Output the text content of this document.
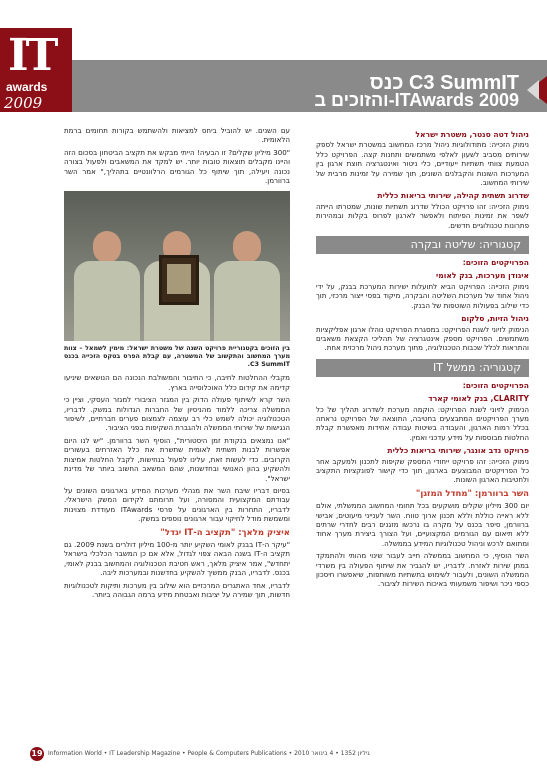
IT
awards
2009
כנס C3 SummIT
והזוכים ב-ITAwards 2009
ניהול דטה סנטר, משטרת ישראל

נימוק הזכייה: מתודולוגיות ניהול מרכז המחשוב במשטרת ישראל לספק שירותים מסביב לשעון לאלפי משתמשים ותחנות קצה. הפרויקט כלל הטמעת צוותי תשתיות ייעודיים, כלי ניטור ואינטגרציה חוצת ארגון בין המערכות השונות והקבלנים השונים, תוך שמירה על זמינות מרבית של שירותי המחשוב.

שדרוג תשתית קהילה, שירותי בריאות כללית

נימוק הזכייה: זהו פרויקט הכולל שדרוג תשתיות שונות, שמטרתו הייתה לשפר את זמינות הפיתוח ולאפשר לארגון לפרוס בקלות ובמהירות פתרונות טכנולוגיים חדשים.

קטגוריה: שליטה ובקרה
הפרויקטים הזוכים:
איגודן מערכות, בנק לאומי

נימוק הזכייה: הפרויקט הביא לתועלות ישירות המערכת בבנק, על ידי ניהול אחוד של מערכות השליטה והבקרה, מיקוד בפסי ייצור מרכזי, תוך כדי שילוב בפעולות השוטפות של הבנק.

ניהול הזיות, סלקום

הנימוק לזיוני לשנת הפרויקט: במסגרת הפרויקט נוהלו ארגון אפליקציות משתמשים. הפרויקט מספק אינטגרציה של תהליכי הקצאת משאבים והתראות לכלל שכבות הטכנולוגיה, מתוך מערכת ניהול מרכזית אחת.

קטגוריה: ממשל IT
הפרויקטים הזוכים:
CLARITY, בנק לאומי קארד

הנימוק לזיוני לשנת הפרויקט: הוקמה מערכת לשדרוג תהליך של כל מערך הפרויקטים המתבצעים בחטיבה, התוצאה של הפרויקט נראתה בכלל רמות הארגון, והעבודה בשיטות עבודה אחידות מאפשרת קבלת החלטות מבוססות על מידע עדכני ואמין.

פרויקט נדב אונגר, שירותי בריאות כללית

נימוק הזכייה: זהו פרויקט ייחודי המספק שקיפות לתכנון ולמעקב אחר כל הפרויקטים המבוצעים בארגון, תוך כדי קישור לפונקציות התקציב ולחטיבות הארגון השונות.

השר ברוורמן: "מחדל המזגן"

יום 300 מיליון שקלים מושקעים בכל תחומי המחשוב הממשלתי, אולם ללא ראייה כוללת וללא תכנון ארוך טווח. השר לענייני מיעוטים, אבישי ברוורמן, סיפר בכנס על מקרה בו נרכשו מזגנים רבים לחדרי שרתים ללא תיאום עם הגורמים המקצועיים, ועל הצורך ביצירת מערך אחוד ומתואם לרכש וניהול טכנולוגיות המידע בממשלה.

השר הוסיף, כי המחשוב בממשלה חייב לעבור שינוי מהותי ולהתמקד במתן שירות לאזרח. לדבריו, יש להגביר את שיתוף הפעולה בין משרדי הממשלה השונים, ולעבור לשימוש בתשתיות משותפות, שיאפשרו חיסכון כספי ניכר ושיפור משמעותי באיכות השירות לציבור.

עם השנים. יש להוביל ביחס למציאות ולהשתמש בקורות תחומים ברמת הלאומית.

"300 מיליון שקלים? זו הבעיה! הייתי מבקש את תקציב הביטחון בסכום הזה והיינו מקבלים תוצאות טובות יותר. יש למקד את המשאבים ולפעול בצורה נכונה ויעילה, תוך שיתוף כל הגורמים הרלוונטיים בתהליך," אמר השר ברוורמן.

בין הזוכים בקטגוריית פרויקט השנה של משטרת ישראל: מימין לשמאל – צוות מערך המחשוב והתקשוב של המשטרה, עם קבלת הפרס בטקס הזכייה בכנס C3 SummIT.

מקבלי ההחלטות לחיבה, כי החיבור והמשולבת הנכונה הם הנושאים שיניעו קדימה את קידום כלל האוכלוסייה בארץ.

השר קרא לשיתוף פעולה הדוק בין המגזר הציבורי למגזר העסקי, וציין כי הממשלה צריכה ללמוד מהניסיון של החברות הגדולות במשק. לדבריו, הטכנולוגיה יכולה לשמש כלי רב עוצמה לצמצום פערים חברתיים, לשיפור הנגישות של שירותי הממשלה ולהגברת השקיפות בפני הציבור.

"אנו נמצאים בנקודת זמן היסטורית", הוסיף השר ברוורמן. "יש לנו היום אפשרות לבנות תשתית לאומית שתשרת את כלל האזרחים בעשורים הקרובים. כדי לעשות זאת, עלינו לפעול בנחישות, לקבל החלטות אמיצות ולהשקיע בהון האנושי ובחדשנות, שהם המשאב החשוב ביותר של מדינת ישראל".

בסיום דבריו שיבח השר את מנהלי מערכות המידע בארגונים השונים על עבודתם המקצועית והמסורה, ועל תרומתם לקידום המשק הישראלי. לדבריו, התחרות בין הארגונים על פרסי ITAwards מעודדת מצוינות ומשמשת מודל לחיקוי עבור ארגונים נוספים במשק.

איציק מלאך: "תקציב ה-IT יגדל"

"עיקר ה-IT בבנק לאומי השקיע יותר מ-100 מיליון דולרים בשנת 2009. גם תקציב ה-IT בשנה הבאה צפוי לגדול, אלא אם כן המשבר הכלכלי בישראל יתחדש", אמר איציק מלאך, ראש חטיבת הטכנולוגיה והמחשוב בבנק לאומי, בכנס. לדבריו, הבנק ממשיך להשקיע בחדשנות ובמערכות ליבה.

לדבריו, אחד האתגרים המרכזיים הוא שילוב בין מערכות ותיקות לטכנולוגיות חדשות, תוך שמירה על יציבות ואבטחת מידע ברמה הגבוהה ביותר.

19 Information World • IT Leadership Magazine • People & Computers Publications • 2010 גיליון 1352 • 4 בינואר
